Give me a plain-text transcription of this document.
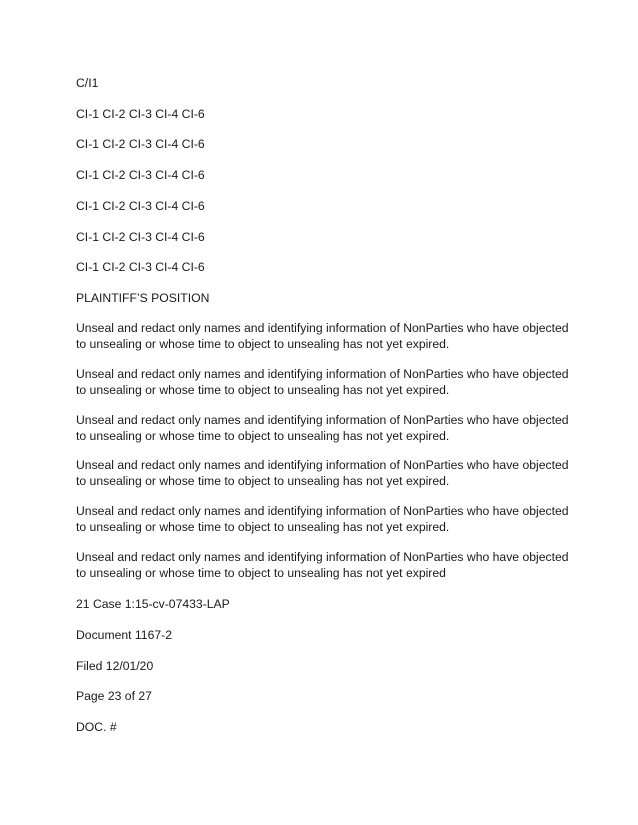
C/I1
CI-1 CI-2 CI-3 CI-4 CI-6
CI-1 CI-2 CI-3 CI-4 CI-6
CI-1 CI-2 CI-3 CI-4 CI-6
CI-1 CI-2 CI-3 CI-4 CI-6
CI-1 CI-2 CI-3 CI-4 CI-6
CI-1 CI-2 CI-3 CI-4 CI-6
PLAINTIFF’S POSITION
Unseal and redact only names and identifying information of NonParties who have objected to unsealing or whose time to object to unsealing has not yet expired.
Unseal and redact only names and identifying information of NonParties who have objected to unsealing or whose time to object to unsealing has not yet expired.
Unseal and redact only names and identifying information of NonParties who have objected to unsealing or whose time to object to unsealing has not yet expired.
Unseal and redact only names and identifying information of NonParties who have objected to unsealing or whose time to object to unsealing has not yet expired.
Unseal and redact only names and identifying information of NonParties who have objected to unsealing or whose time to object to unsealing has not yet expired.
Unseal and redact only names and identifying information of NonParties who have objected to unsealing or whose time to object to unsealing has not yet expired
21 Case 1:15-cv-07433-LAP
Document 1167-2
Filed 12/01/20
Page 23 of 27
DOC. #
